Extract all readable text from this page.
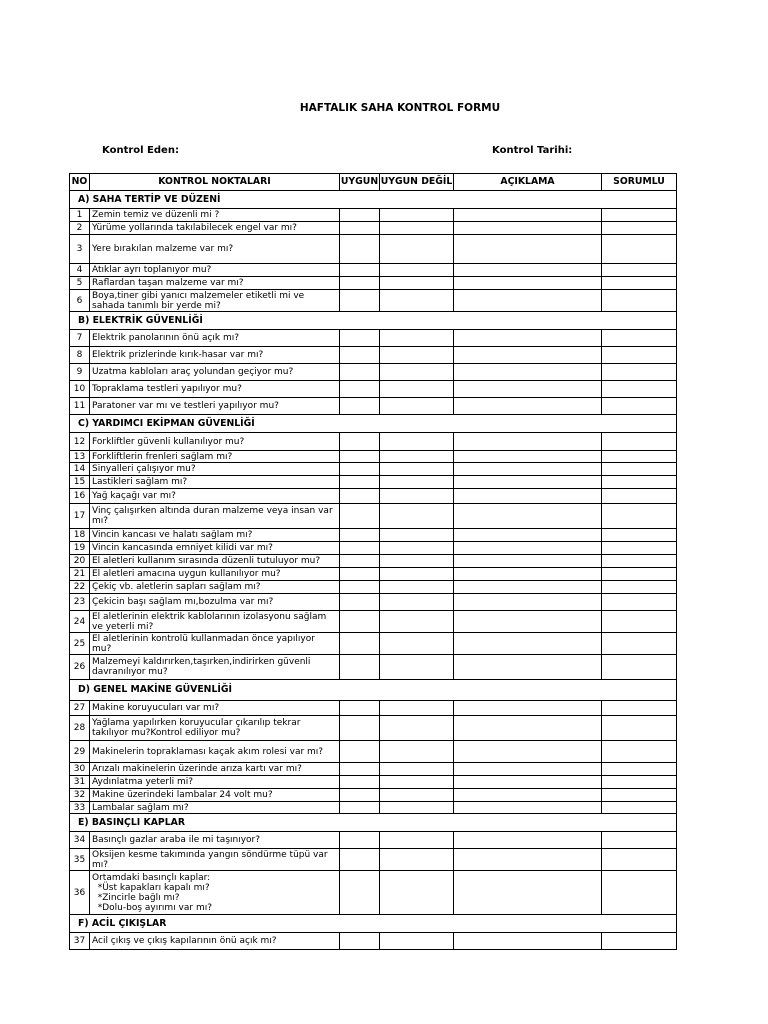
HAFTALIK SAHA KONTROL FORMU
Kontrol Eden:	Kontrol Tarihi:
NO	KONTROL NOKTALARI	UYGUN	UYGUN DEĞİL	AÇIKLAMA	SORUMLU
A) SAHA TERTİP VE DÜZENİ					
1	Zemin temiz ve düzenli mi ?				
2	Yürüme yollarında takılabilecek engel var mı?				
3	Yere bırakılan malzeme var mı?				
4	Atıklar ayrı toplanıyor mu?				
5	Raflardan taşan malzeme var mı?				
6	Boya,tiner gibi yanıcı malzemeler etiketli mi ve sahada tanımlı bir yerde mi?				
B) ELEKTRİK GÜVENLİĞİ					
7	Elektrik panolarının önü açık mı?				
8	Elektrik prizlerinde kırık-hasar var mı?				
9	Uzatma kabloları araç yolundan geçiyor mu?				
10	Topraklama testleri yapılıyor mu?				
11	Paratoner var mı ve testleri yapılıyor mu?				
C) YARDIMCI EKİPMAN GÜVENLİĞİ					
12	Forkliftler güvenli kullanılıyor mu?				
13	Forkliftlerin frenleri sağlam mı?				
14	Sinyalleri çalışıyor mu?				
15	Lastikleri sağlam mı?				
16	Yağ kaçağı var mı?				
17	Vinç çalışırken altında duran malzeme veya insan var mı?				
18	Vincin kancası ve halatı sağlam mı?				
19	Vincin kancasında emniyet kilidi var mı?				
20	El aletleri kullanım sırasında düzenli tutuluyor mu?				
21	El aletleri amacına uygun kullanılıyor mu?				
22	Çekiç vb. aletlerin sapları sağlam mı?				
23	Çekicin başı sağlam mı,bozulma var mı?				
24	El aletlerinin elektrik kablolarının izolasyonu sağlam ve yeterli mi?				
25	El aletlerinin kontrolü kullanmadan önce yapılıyor mu?				
26	Malzemeyi kaldırırken,taşırken,indirirken güvenli davranılıyor mu?				
D) GENEL MAKİNE GÜVENLİĞİ					
27	Makine koruyucuları var mı?				
28	Yağlama yapılırken koruyucular çıkarılıp tekrar takılıyor mu?Kontrol ediliyor mu?				
29	Makinelerin topraklaması kaçak akım rolesi var mı?				
30	Arızalı makinelerin üzerinde arıza kartı var mı?				
31	Aydınlatma yeterli mi?				
32	Makine üzerindeki lambalar 24 volt mu?				
33	Lambalar sağlam mı?				
E) BASINÇLI KAPLAR					
34	Basınçlı gazlar araba ile mi taşınıyor?				
35	Oksijen kesme takımında yangın söndürme tüpü var mı?				
36	Ortamdaki basınçlı kaplar:
*Üst kapakları kapalı mı?
*Zincirle bağlı mı?
*Dolu-boş ayırımı var mı?				

F) ACİL ÇIKIŞLAR					
37	Acil çıkış ve çıkış kapılarının önü açık mı?				
